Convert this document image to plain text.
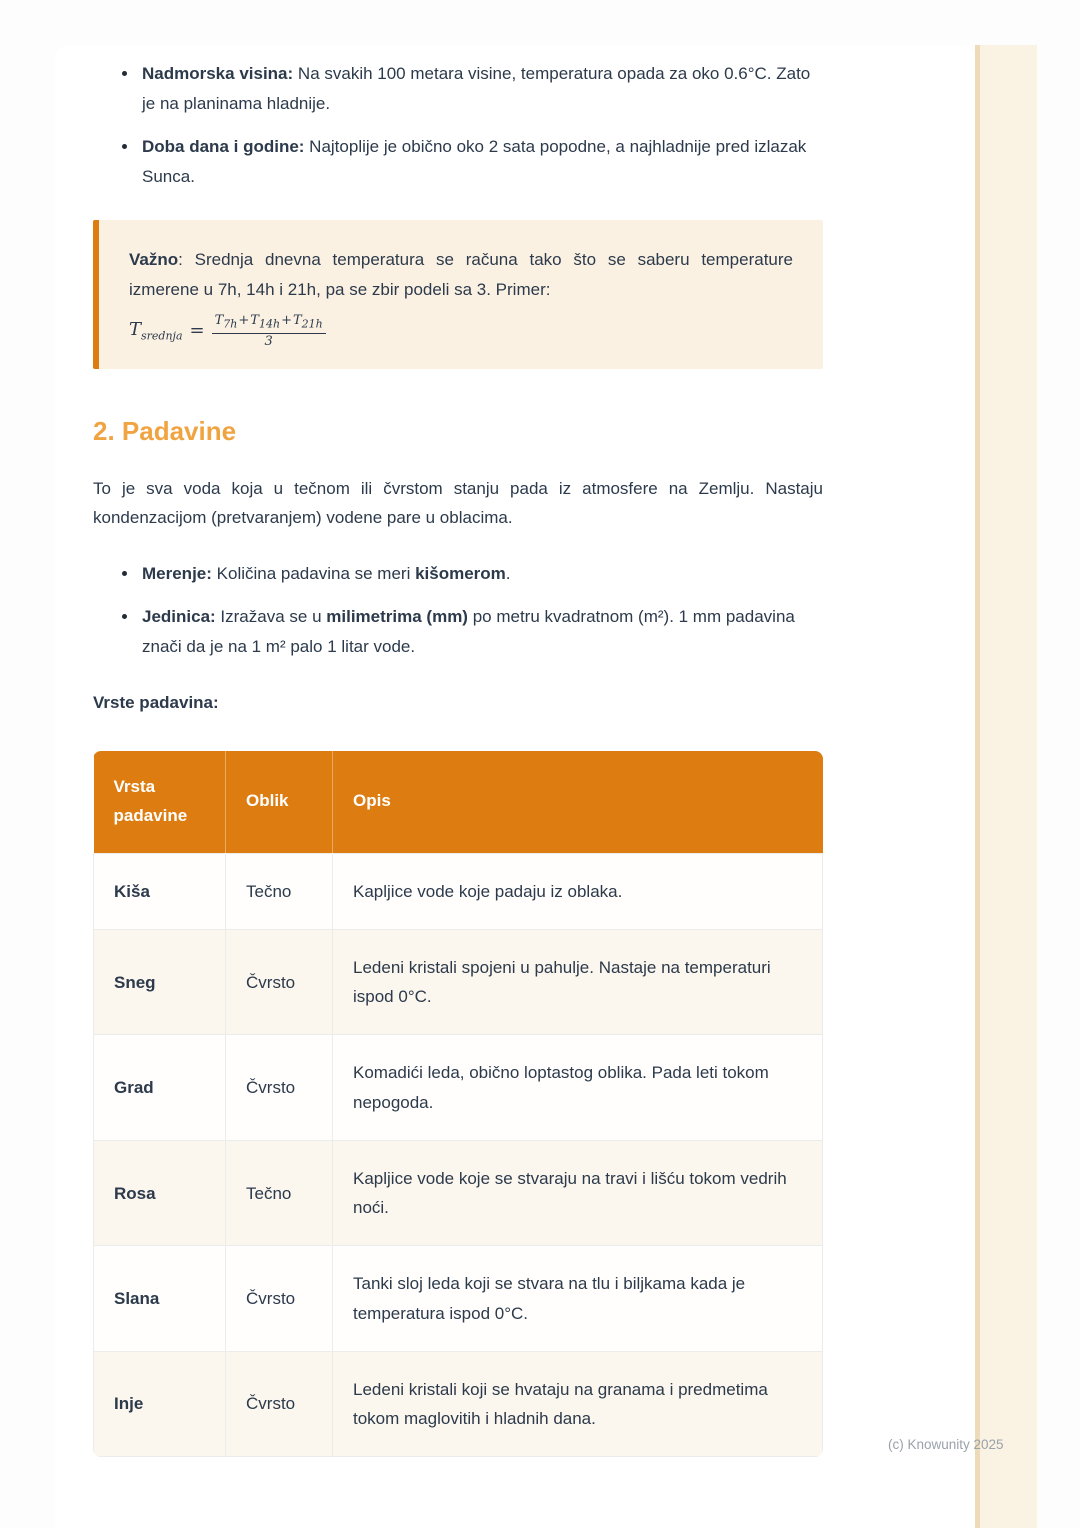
• Nadmorska visina: Na svakih 100 metara visine, temperatura opada za oko 0.6°C. Zato je na planinama hladnije.
• Doba dana i godine: Najtoplije je obično oko 2 sata popodne, a najhladnije pred izlazak Sunca.

Važno: Srednja dnevna temperatura se računa tako što se saberu temperature izmerene u 7h, 14h i 21h, pa se zbir podeli sa 3. Primer:

$T_{srednja} = \frac{T_{7h}+T_{14h}+T_{21h}}{3}$
2. Padavine

To je sva voda koja u tečnom ili čvrstom stanju pada iz atmosfere na Zemlju. Nastaju kondenzacijom (pretvaranjem) vodene pare u oblacima.

• Merenje: Količina padavina se meri kišomerom.
• Jedinica: Izražava se u milimetrima (mm) po metru kvadratnom (m²). 1 mm padavina znači da je na 1 m² palo 1 litar vode.

Vrste padavina:

Vrsta padavine	Oblik	Opis
Kiša	Tečno	Kapljice vode koje padaju iz oblaka.
Sneg	Čvrsto	Ledeni kristali spojeni u pahulje. Nastaje na temperaturi ispod 0°C.
Grad	Čvrsto	Komadići leda, obično loptastog oblika. Pada leti tokom nepogoda.
Rosa	Tečno	Kapljice vode koje se stvaraju na travi i lišću tokom vedrih noći.
Slana	Čvrsto	Tanki sloj leda koji se stvara na tlu i biljkama kada je temperatura ispod 0°C.
Inje	Čvrsto	Ledeni kristali koji se hvataju na granama i predmetima tokom maglovitih i hladnih dana.
(c) Knowunity 2025
